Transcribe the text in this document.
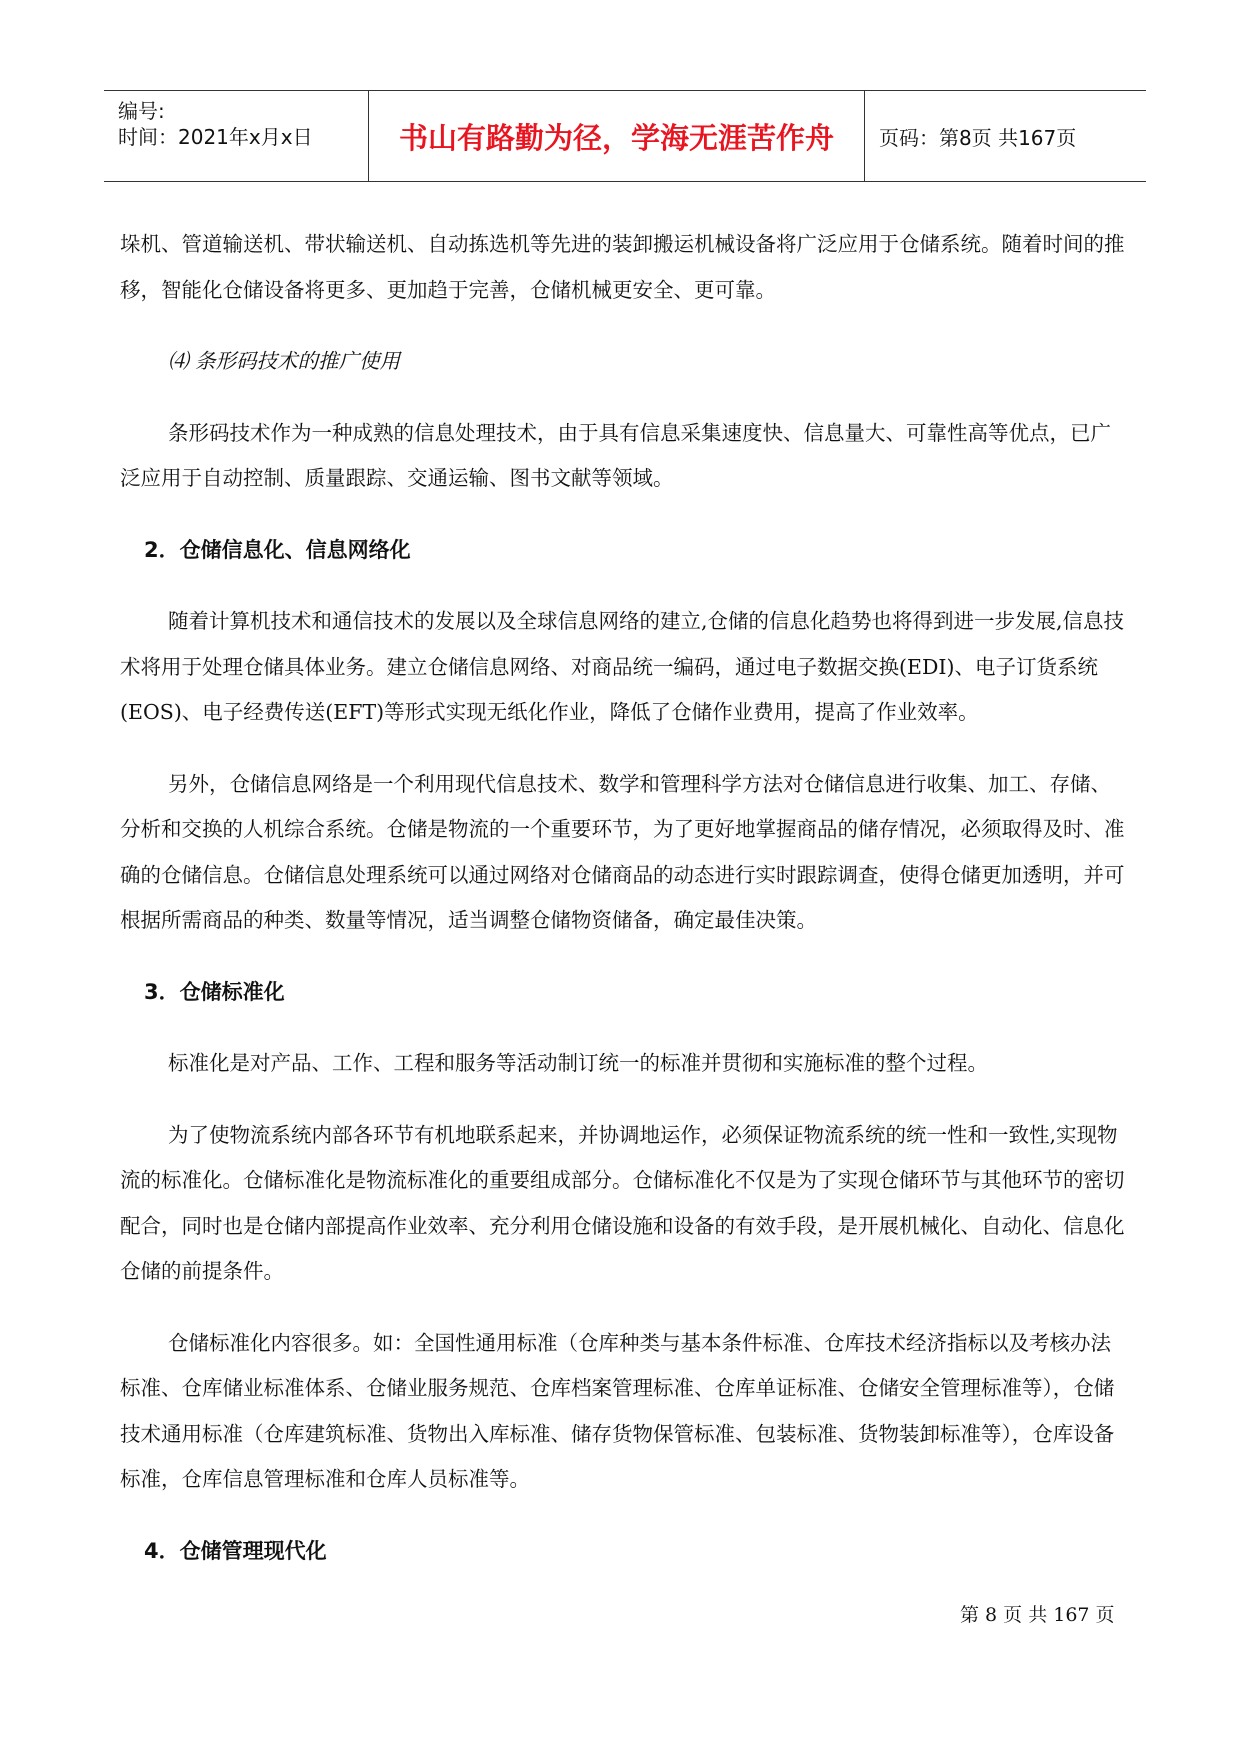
编号:
时间：2021年x月x日	书山有路勤为径，学海无涯苦作舟	页码：第8页 共167页

垛机、管道输送机、带状输送机、自动拣选机等先进的装卸搬运机械设备将广泛应用于仓储系统。随着时间的推移，智能化仓储设备将更多、更加趋于完善，仓储机械更安全、更可靠。

⑷ 条形码技术的推广使用

条形码技术作为一种成熟的信息处理技术，由于具有信息采集速度快、信息量大、可靠性高等优点，已广泛应用于自动控制、质量跟踪、交通运输、图书文献等领域。

2．仓储信息化、信息网络化

随着计算机技术和通信技术的发展以及全球信息网络的建立,仓储的信息化趋势也将得到进一步发展,信息技术将用于处理仓储具体业务。建立仓储信息网络、对商品统一编码，通过电子数据交换(EDI)、电子订货系统(EOS)、电子经费传送(EFT)等形式实现无纸化作业，降低了仓储作业费用，提高了作业效率。

另外，仓储信息网络是一个利用现代信息技术、数学和管理科学方法对仓储信息进行收集、加工、存储、分析和交换的人机综合系统。仓储是物流的一个重要环节，为了更好地掌握商品的储存情况，必须取得及时、准确的仓储信息。仓储信息处理系统可以通过网络对仓储商品的动态进行实时跟踪调查，使得仓储更加透明，并可根据所需商品的种类、数量等情况，适当调整仓储物资储备，确定最佳决策。

3．仓储标准化

标准化是对产品、工作、工程和服务等活动制订统一的标准并贯彻和实施标准的整个过程。

为了使物流系统内部各环节有机地联系起来，并协调地运作，必须保证物流系统的统一性和一致性,实现物流的标准化。仓储标准化是物流标准化的重要组成部分。仓储标准化不仅是为了实现仓储环节与其他环节的密切配合，同时也是仓储内部提高作业效率、充分利用仓储设施和设备的有效手段，是开展机械化、自动化、信息化仓储的前提条件。

仓储标准化内容很多。如：全国性通用标准（仓库种类与基本条件标准、仓库技术经济指标以及考核办法标准、仓库储业标准体系、仓储业服务规范、仓库档案管理标准、仓库单证标准、仓储安全管理标准等），仓储技术通用标准（仓库建筑标准、货物出入库标准、储存货物保管标准、包装标准、货物装卸标准等），仓库设备标准，仓库信息管理标准和仓库人员标准等。

4．仓储管理现代化

第 8 页 共 167 页
